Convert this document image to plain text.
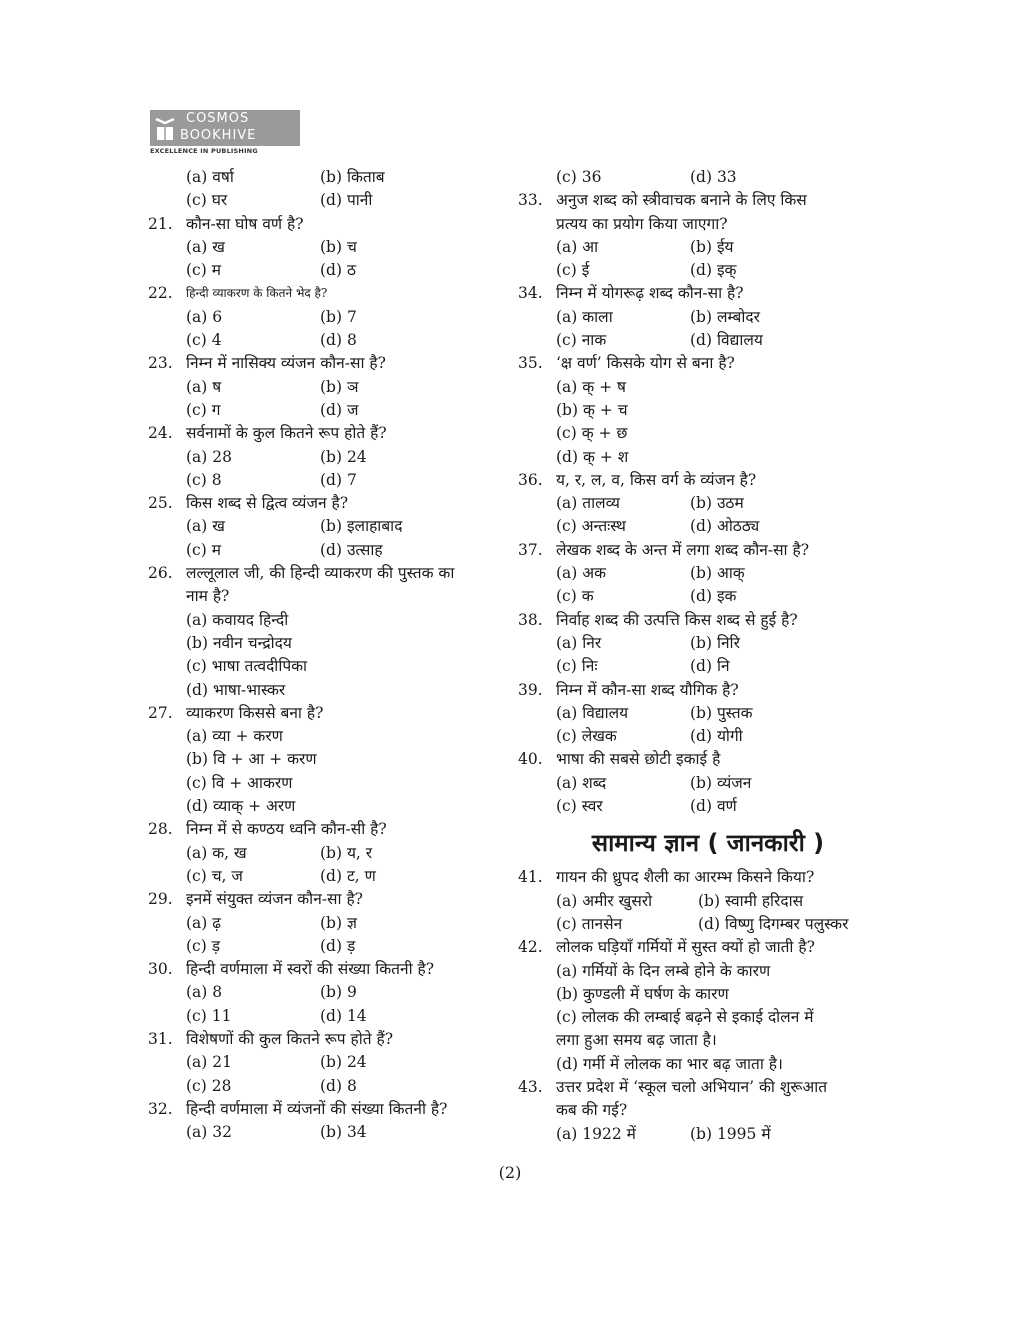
COSMOS
BOOKHIVE
EXCELLENCE IN PUBLISHING
(a) वर्षा	(b) किताब
(c) घर	(d) पानी
21. कौन-सा घोष वर्ण है?
(a) ख	(b) च
(c) म	(d) ठ
22.	हिन्दी व्याकरण के कितने भेद है?
(a) 6	(b) 7
(c) 4	(d) 8
23. निम्न में नासिक्य व्यंजन कौन-सा है?
(a) ष	(b) ञ
(c) ग	(d) ज
24. सर्वनामों के कुल कितने रूप होते हैं?
(a) 28	(b) 24
(c) 8	(d) 7
25. किस शब्द से द्वित्व व्यंजन है?
(a) ख	(b) इलाहाबाद
(c) म	(d) उत्साह
26. लल्लूलाल जी, की हिन्दी व्याकरण की पुस्तक का
नाम है?
(a) कवायद हिन्दी
(b) नवीन चन्द्रोदय
(c) भाषा तत्वदीपिका
(d) भाषा-भास्कर
27. व्याकरण किससे बना है?
(a) व्या + करण
(b) वि + आ + करण
(c) वि + आकरण
(d) व्याक् + अरण
28. निम्न में से कण्ठय ध्वनि कौन-सी है?
(a) क, ख	(b) य, र
(c) च, ज	(d) ट, ण
29. इनमें संयुक्त व्यंजन कौन-सा है?
(a) ढ़	(b) ज्ञ
(c) ड़	(d) ड़
30. हिन्दी वर्णमाला में स्वरों की संख्या कितनी है?
(a) 8	(b) 9
(c) 11	(d) 14
31. विशेषणों की कुल कितने रूप होते हैं?
(a) 21	(b) 24
(c) 28	(d) 8
32. हिन्दी वर्णमाला में व्यंजनों की संख्या कितनी है?
(a) 32	(b) 34
(c) 36	(d) 33
33. अनुज शब्द को स्त्रीवाचक बनाने के लिए किस
प्रत्यय का प्रयोग किया जाएगा?
(a) आ	(b) ईय
(c) ई	(d) इक्
34. निम्न में योगरूढ़ शब्द कौन-सा है?
(a) काला	(b) लम्बोदर
(c) नाक	(d) विद्यालय
35. ‘क्ष वर्ण’ किसके योग से बना है?
(a) क् + ष
(b) क् + च
(c) क् + छ
(d) क् + श
36. य, र, ल, व, किस वर्ग के व्यंजन है?
(a) तालव्य	(b) उठम
(c) अन्तःस्थ	(d) ओठठ्य
37. लेखक शब्द के अन्त में लगा शब्द कौन-सा है?
(a) अक	(b) आक्
(c) क	(d) इक
38. निर्वाह शब्द की उत्पत्ति किस शब्द से हुई है?
(a) निर	(b) निरि
(c) निः	(d) नि
39. निम्न में कौन-सा शब्द यौगिक है?
(a) विद्यालय	(b) पुस्तक
(c) लेखक	(d) योगी
40. भाषा की सबसे छोटी इकाई है
(a) शब्द	(b) व्यंजन
(c) स्वर	(d) वर्ण
सामान्य ज्ञान ( जानकारी )
41. गायन की ध्रुपद शैली का आरम्भ किसने किया?
(a) अमीर खुसरो	(b) स्वामी हरिदास
(c) तानसेन	(d) विष्णु दिगम्बर पलुस्कर
42. लोलक घड़ियाँ गर्मियों में सुस्त क्यों हो जाती है?
(a) गर्मियों के दिन लम्बे होने के कारण
(b) कुण्डली में घर्षण के कारण
(c) लोलक की लम्बाई बढ़ने से इकाई दोलन में
लगा हुआ समय बढ़ जाता है।
(d) गर्मी में लोलक का भार बढ़ जाता है।
43. उत्तर प्रदेश में ‘स्कूल चलो अभियान’ की शुरूआत
कब की गई?
(a) 1922 में	(b) 1995 में
(2)
